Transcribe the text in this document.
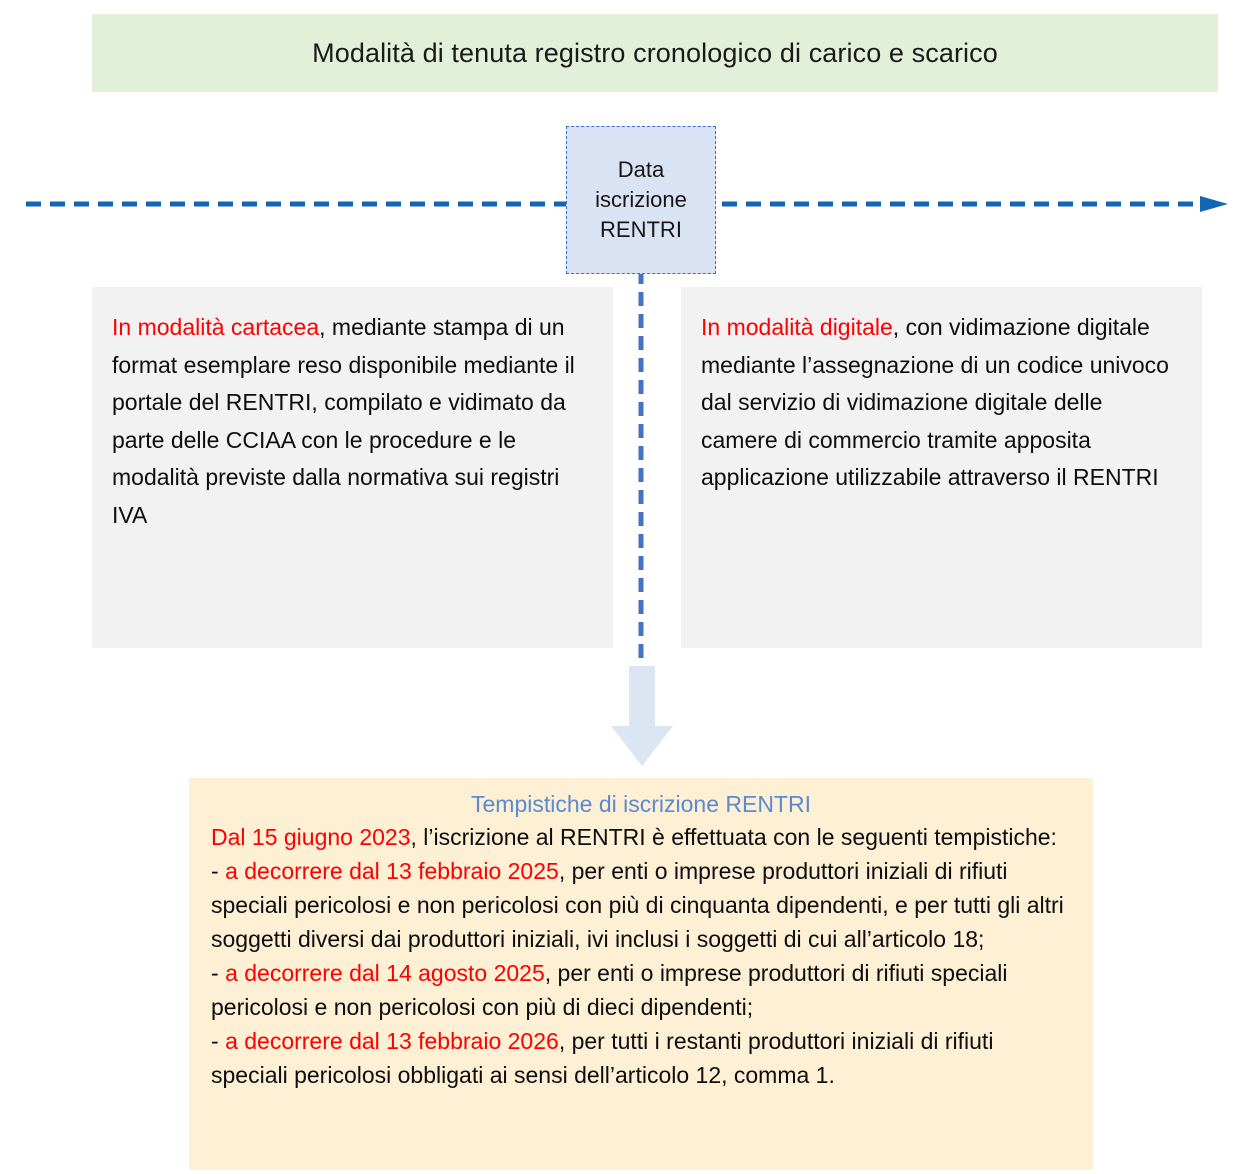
Modalità di tenuta registro cronologico di carico e scarico
Data
iscrizione
RENTRI

In modalità cartacea, mediante stampa di un format esemplare reso disponibile mediante il portale del RENTRI, compilato e vidimato da parte delle CCIAA con le procedure e le modalità previste dalla normativa sui registri IVA

In modalità digitale, con vidimazione digitale mediante l’assegnazione di un codice univoco dal servizio di vidimazione digitale delle camere di commercio tramite apposita applicazione utilizzabile attraverso il RENTRI

Tempistiche di iscrizione RENTRI

Dal 15 giugno 2023, l’iscrizione al RENTRI è effettuata con le seguenti tempistiche:

- a decorrere dal 13 febbraio 2025, per enti o imprese produttori iniziali di rifiuti speciali pericolosi e non pericolosi con più di cinquanta dipendenti, e per tutti gli altri soggetti diversi dai produttori iniziali, ivi inclusi i soggetti di cui all’articolo 18;

- a decorrere dal 14 agosto 2025, per enti o imprese produttori di rifiuti speciali pericolosi e non pericolosi con più di dieci dipendenti;

- a decorrere dal 13 febbraio 2026, per tutti i restanti produttori iniziali di rifiuti speciali pericolosi obbligati ai sensi dell’articolo 12, comma 1.
